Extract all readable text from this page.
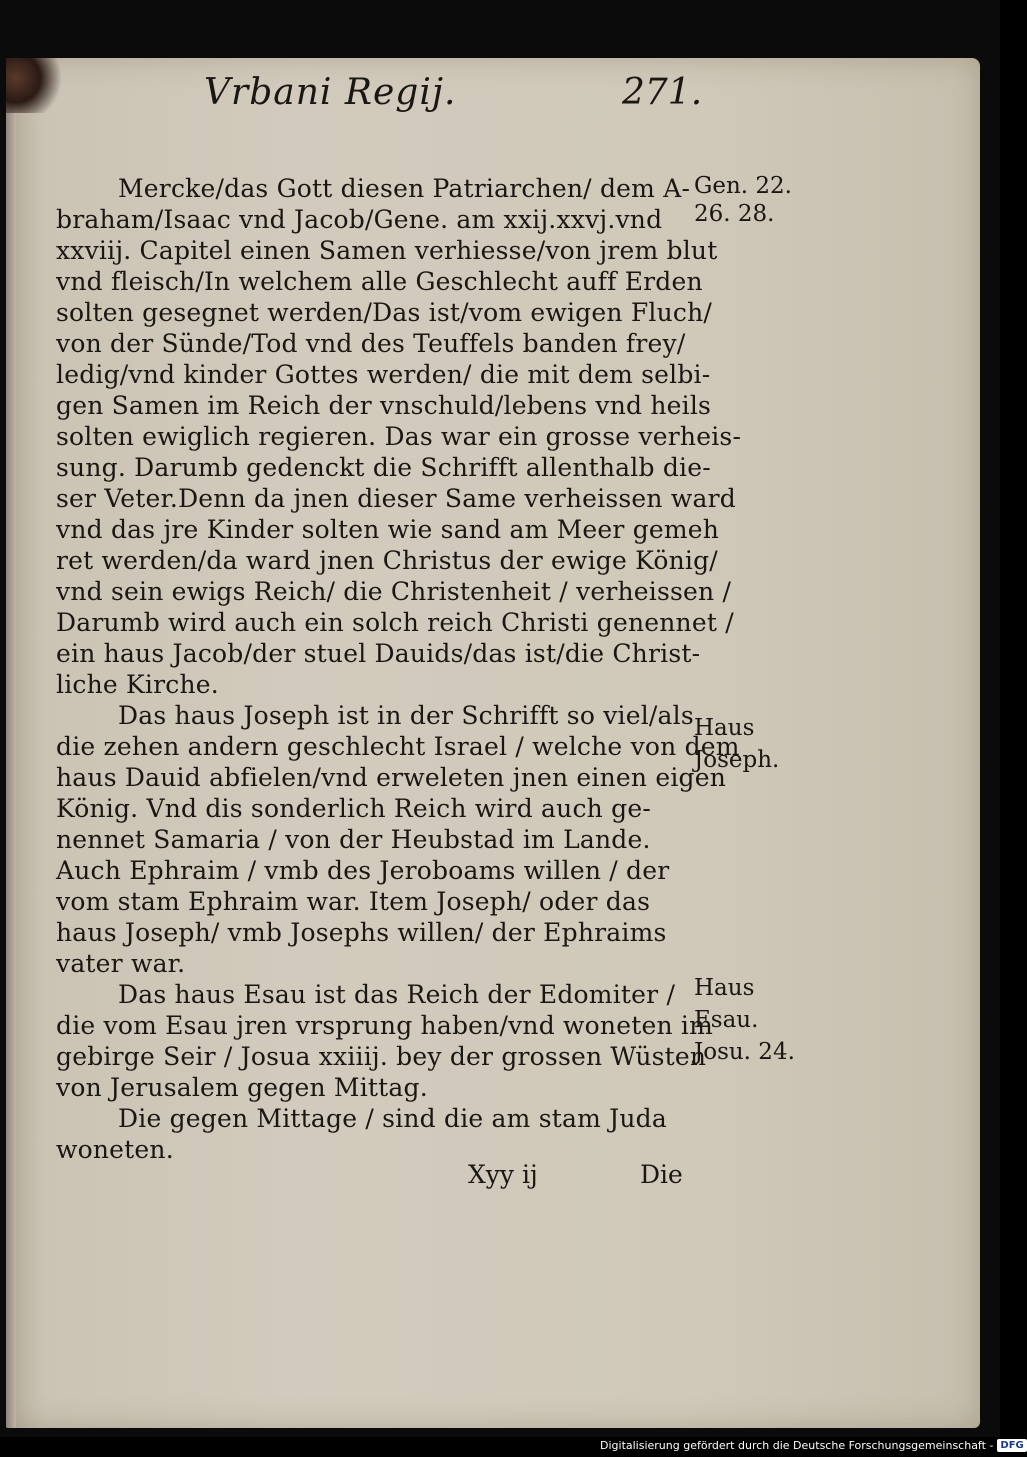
Vrbani Regij.	271.
Mercke/das Gott diesen Patriarchen/ dem A-
braham/Isaac vnd Jacob/Gene. am xxij.xxvj.vnd
xxviij. Capitel einen Samen verhiesse/von jrem blut
vnd fleisch/In welchem alle Geschlecht auff Erden
solten gesegnet werden/Das ist/vom ewigen Fluch/
von der Sünde/Tod vnd des Teuffels banden frey/
ledig/vnd kinder Gottes werden/ die mit dem selbi-
gen Samen im Reich der vnschuld/lebens vnd heils
solten ewiglich regieren. Das war ein grosse verheis-
sung. Darumb gedenckt die Schrifft allenthalb die-
ser Veter.Denn da jnen dieser Same verheissen ward
vnd das jre Kinder solten wie sand am Meer gemeh
ret werden/da ward jnen Christus der ewige König/
vnd sein ewigs Reich/ die Christenheit / verheissen /
Darumb wird auch ein solch reich Christi genennet /
ein haus Jacob/der stuel Dauids/das ist/die Christ-
liche Kirche.
Das haus Joseph ist in der Schrifft so viel/als
die zehen andern geschlecht Israel / welche von dem
haus Dauid abfielen/vnd erweleten jnen einen eigen
König. Vnd dis sonderlich Reich wird auch ge-
nennet Samaria / von der Heubstad im Lande.
Auch Ephraim / vmb des Jeroboams willen / der
vom stam Ephraim war. Item Joseph/ oder das
haus Joseph/ vmb Josephs willen/ der Ephraims
vater war.
Das haus Esau ist das Reich der Edomiter /
die vom Esau jren vrsprung haben/vnd woneten im
gebirge Seir / Josua xxiiij. bey der grossen Wüsten
von Jerusalem gegen Mittag.
Die gegen Mittage / sind die am stam Juda
woneten.
Gen. 22.
26. 28.
Haus
Joseph.
Haus
Esau.
Josu. 24.
Xyy ij	Die
Digitalisierung gefördert durch die Deutsche Forschungsgemeinschaft - DFG
